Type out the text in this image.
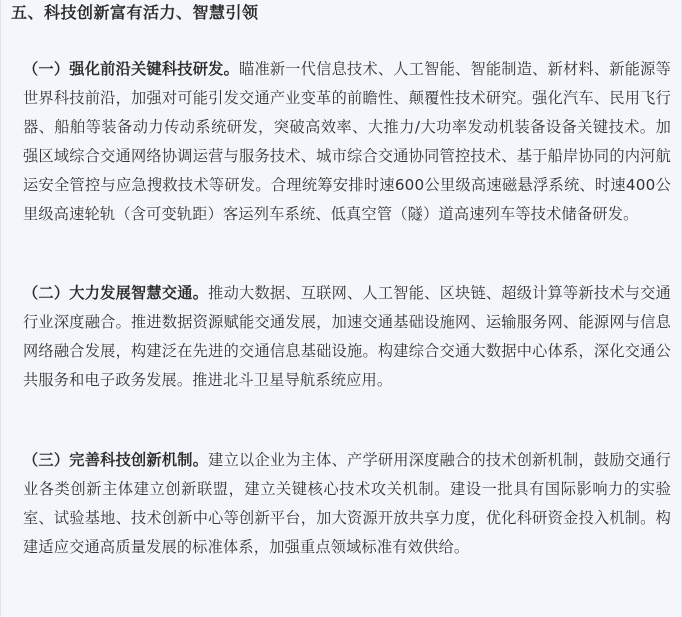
五、科技创新富有活力、智慧引领

（一）强化前沿关键科技研发。瞄准新一代信息技术、人工智能、智能制造、新材料、新能源等世界科技前沿，加强对可能引发交通产业变革的前瞻性、颠覆性技术研究。强化汽车、民用飞行器、船舶等装备动力传动系统研发，突破高效率、大推力/大功率发动机装备设备关键技术。加强区域综合交通网络协调运营与服务技术、城市综合交通协同管控技术、基于船岸协同的内河航运安全管控与应急搜救技术等研发。合理统筹安排时速600公里级高速磁悬浮系统、时速400公里级高速轮轨（含可变轨距）客运列车系统、低真空管（隧）道高速列车等技术储备研发。

（二）大力发展智慧交通。推动大数据、互联网、人工智能、区块链、超级计算等新技术与交通行业深度融合。推进数据资源赋能交通发展，加速交通基础设施网、运输服务网、能源网与信息网络融合发展，构建泛在先进的交通信息基础设施。构建综合交通大数据中心体系，深化交通公共服务和电子政务发展。推进北斗卫星导航系统应用。

（三）完善科技创新机制。建立以企业为主体、产学研用深度融合的技术创新机制，鼓励交通行业各类创新主体建立创新联盟，建立关键核心技术攻关机制。建设一批具有国际影响力的实验室、试验基地、技术创新中心等创新平台，加大资源开放共享力度，优化科研资金投入机制。构建适应交通高质量发展的标准体系，加强重点领域标准有效供给。
